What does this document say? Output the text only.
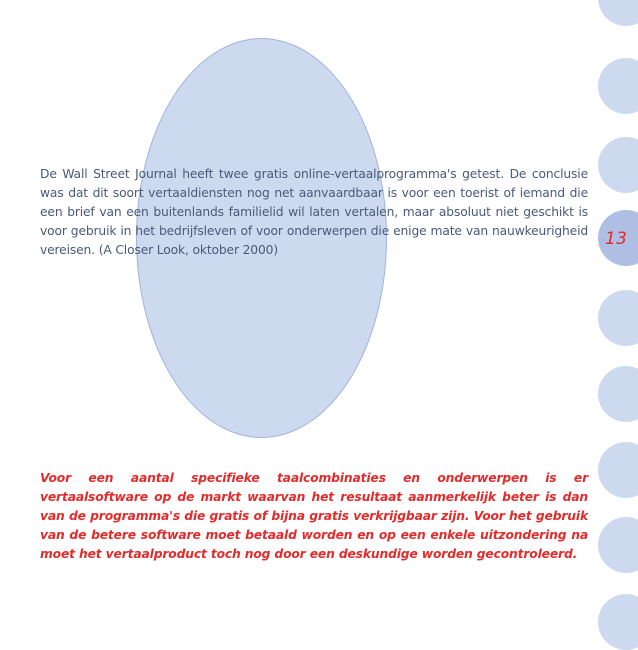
13

De Wall Street Journal heeft twee gratis online-vertaalprogramma's getest. De conclusie was dat dit soort vertaaldiensten nog net aanvaardbaar is voor een toerist of iemand die een brief van een buitenlands familielid wil laten vertalen, maar absoluut niet geschikt is voor gebruik in het bedrijfsleven of voor onderwerpen die enige mate van nauwkeurigheid vereisen. (A Closer Look, oktober 2000)

Voor een aantal specifieke taalcombinaties en onderwerpen is er vertaalsoftware op de markt waarvan het resultaat aanmerkelijk beter is dan van de programma's die gratis of bijna gratis verkrijgbaar zijn. Voor het gebruik van de betere software moet betaald worden en op een enkele uitzondering na moet het vertaalproduct toch nog door een deskundige worden gecontroleerd.
